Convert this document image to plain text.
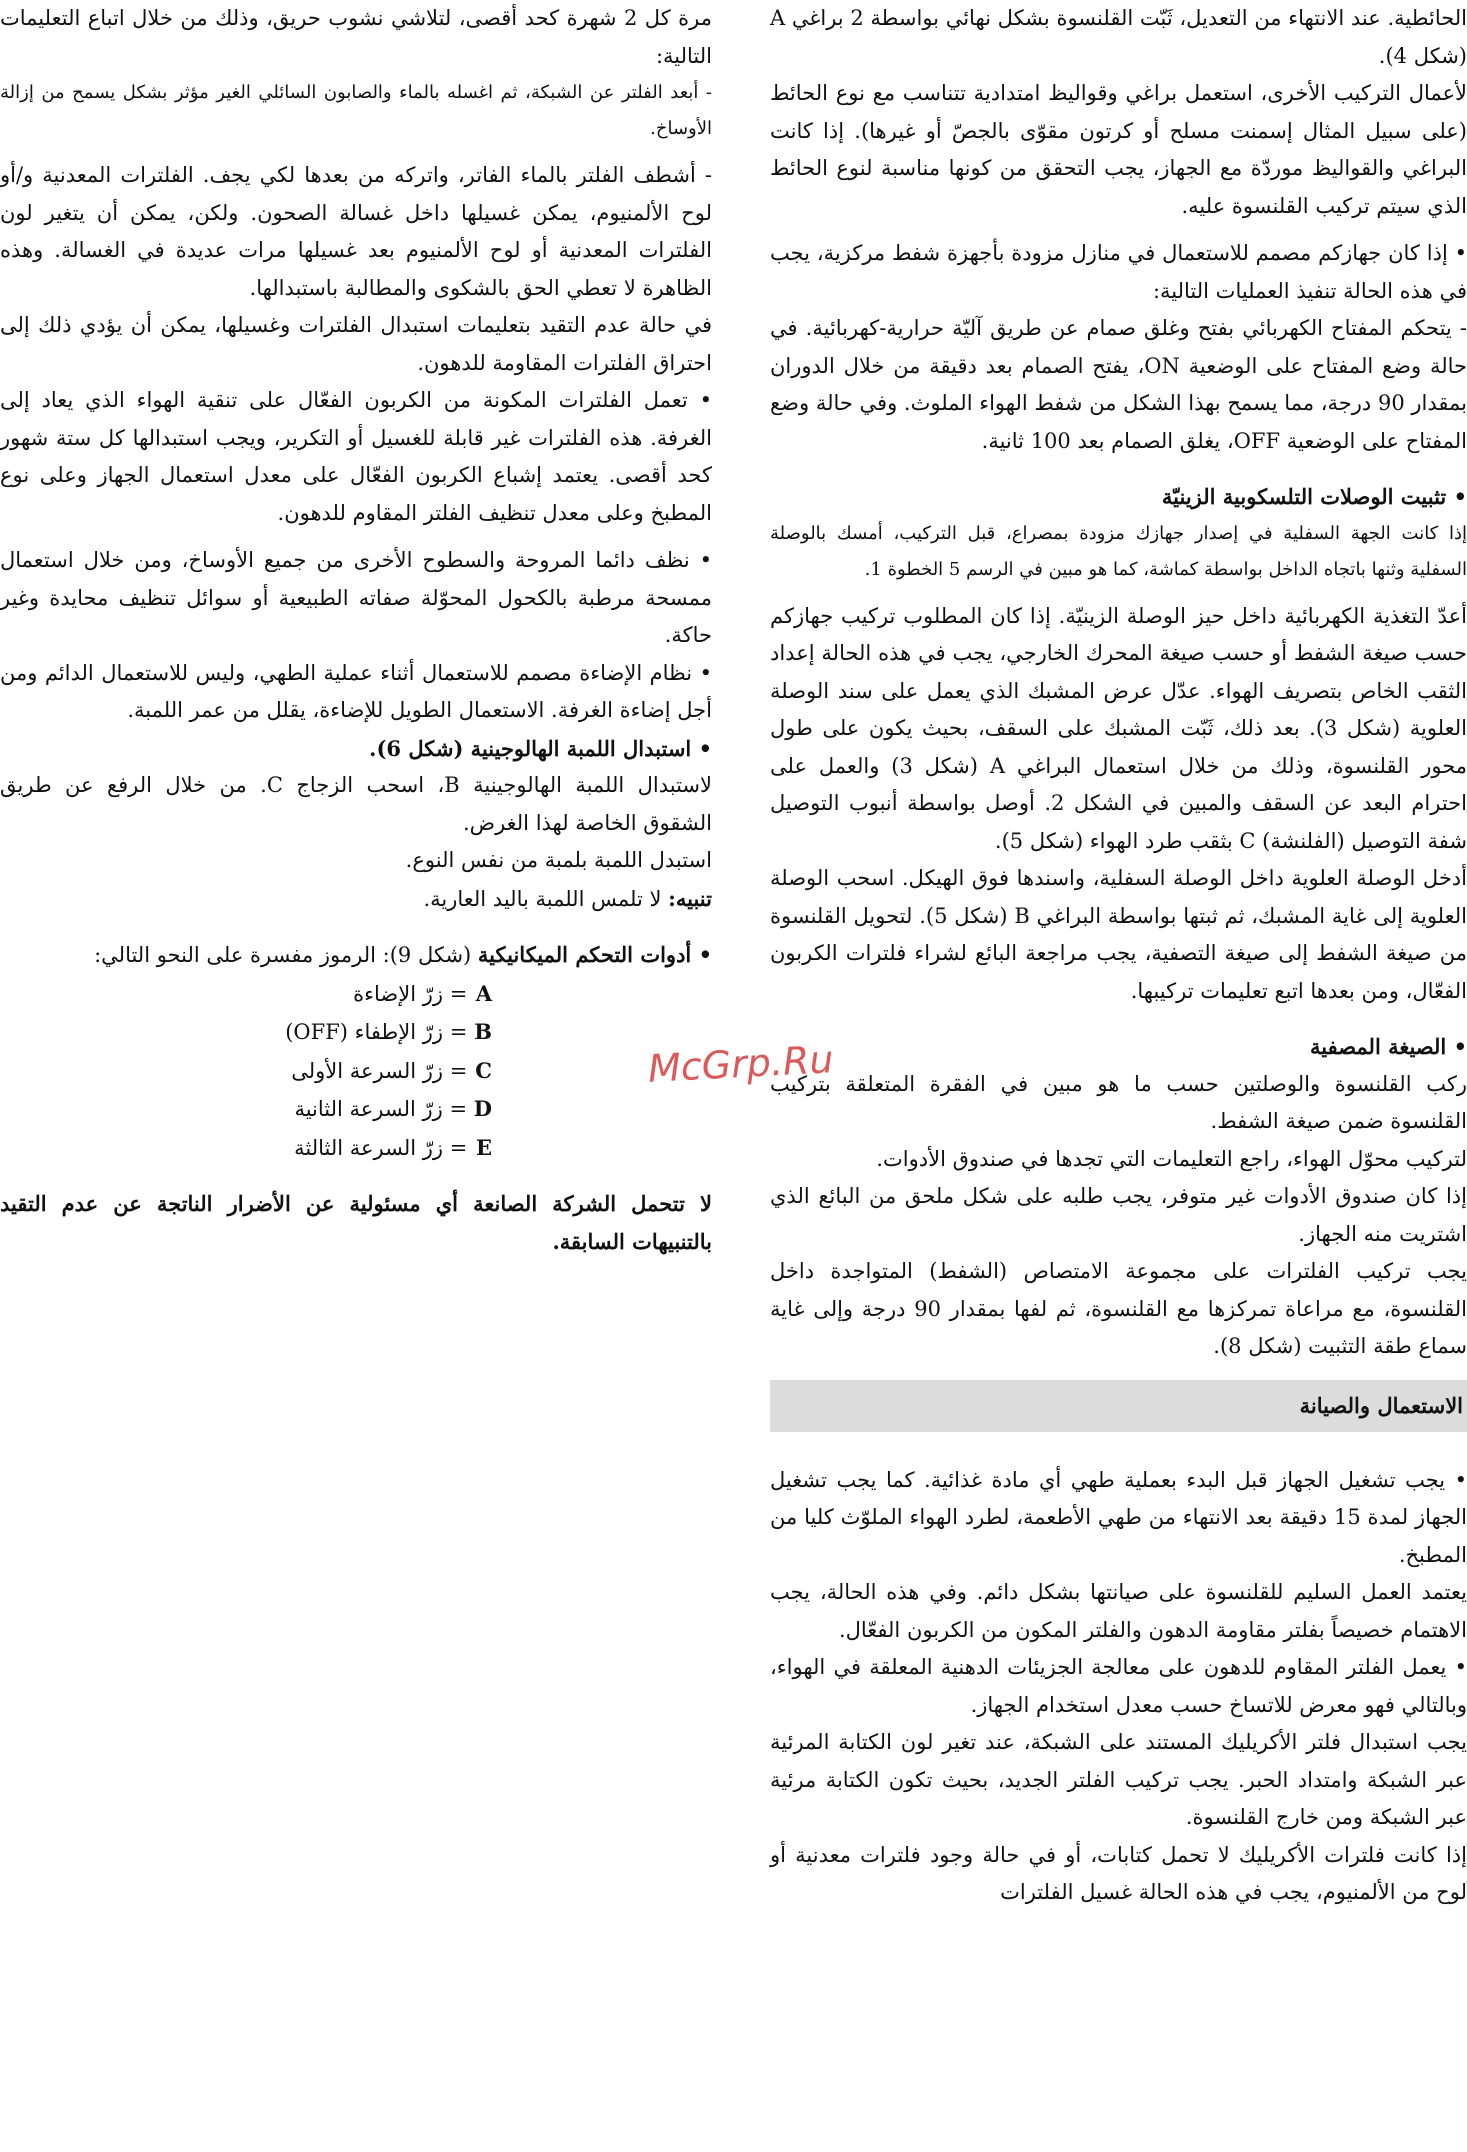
الحائطية. عند الانتهاء من التعديل، ثَبّت القلنسوة بشكل نهائي بواسطة 2 براغي A (شكل 4).

لأعمال التركيب الأخرى، استعمل براغي وقواليظ امتدادية تتناسب مع نوع الحائط (على سبيل المثال إسمنت مسلح أو كرتون مقوّى بالجصّ أو غيرها). إذا كانت البراغي والقواليظ موردّة مع الجهاز، يجب التحقق من كونها مناسبة لنوع الحائط الذي سيتم تركيب القلنسوة عليه.

• إذا كان جهازكم مصمم للاستعمال في منازل مزودة بأجهزة شفط مركزية، يجب في هذه الحالة تنفيذ العمليات التالية:

- يتحكم المفتاح الكهربائي بفتح وغلق صمام عن طريق آليّة حرارية-كهربائية. في حالة وضع المفتاح على الوضعية ON، يفتح الصمام بعد دقيقة من خلال الدوران بمقدار 90 درجة، مما يسمح بهذا الشكل من شفط الهواء الملوث. وفي حالة وضع المفتاح على الوضعية OFF، يغلق الصمام بعد 100 ثانية.

• تثبيت الوصلات التلسكوبية الزينيّة

إذا كانت الجهة السفلية في إصدار جهازك مزودة بمصراع، قبل التركيب، أمسك بالوصلة السفلية وثنها باتجاه الداخل بواسطة كماشة، كما هو مبين في الرسم 5 الخطوة 1.

أعدّ التغذية الكهربائية داخل حيز الوصلة الزينيّة. إذا كان المطلوب تركيب جهازكم حسب صيغة الشفط أو حسب صيغة المحرك الخارجي، يجب في هذه الحالة إعداد الثقب الخاص بتصريف الهواء. عدّل عرض المشبك الذي يعمل على سند الوصلة العلوية (شكل 3). بعد ذلك، ثَبّت المشبك على السقف، بحيث يكون على طول محور القلنسوة، وذلك من خلال استعمال البراغي A (شكل 3) والعمل على احترام البعد عن السقف والمبين في الشكل 2. أوصل بواسطة أنبوب التوصيل شفة التوصيل (الفلنشة) C بثقب طرد الهواء (شكل 5).

أدخل الوصلة العلوية داخل الوصلة السفلية، واسندها فوق الهيكل. اسحب الوصلة العلوية إلى غاية المشبك، ثم ثبتها بواسطة البراغي B (شكل 5). لتحويل القلنسوة من صيغة الشفط إلى صيغة التصفية، يجب مراجعة البائع لشراء فلترات الكربون الفعّال، ومن بعدها اتبع تعليمات تركيبها.

• الصيغة المصفية

ركب القلنسوة والوصلتين حسب ما هو مبين في الفقرة المتعلقة بتركيب القلنسوة ضمن صيغة الشفط.

لتركيب محوّل الهواء، راجع التعليمات التي تجدها في صندوق الأدوات.

إذا كان صندوق الأدوات غير متوفر، يجب طلبه على شكل ملحق من البائع الذي اشتريت منه الجهاز.

يجب تركيب الفلترات على مجموعة الامتصاص (الشفط) المتواجدة داخل القلنسوة، مع مراعاة تمركزها مع القلنسوة، ثم لفها بمقدار 90 درجة وإلى غاية سماع طقة التثبيت (شكل 8).

الاستعمال والصيانة

• يجب تشغيل الجهاز قبل البدء بعملية طهي أي مادة غذائية. كما يجب تشغيل الجهاز لمدة 15 دقيقة بعد الانتهاء من طهي الأطعمة، لطرد الهواء الملوّث كليا من المطبخ.

يعتمد العمل السليم للقلنسوة على صيانتها بشكل دائم. وفي هذه الحالة، يجب الاهتمام خصيصاً بفلتر مقاومة الدهون والفلتر المكون من الكربون الفعّال.

• يعمل الفلتر المقاوم للدهون على معالجة الجزيئات الدهنية المعلقة في الهواء، وبالتالي فهو معرض للاتساخ حسب معدل استخدام الجهاز.

يجب استبدال فلتر الأكريليك المستند على الشبكة، عند تغير لون الكتابة المرئية عبر الشبكة وامتداد الحبر. يجب تركيب الفلتر الجديد، بحيث تكون الكتابة مرئية عبر الشبكة ومن خارج القلنسوة.

إذا كانت فلترات الأكريليك لا تحمل كتابات، أو في حالة وجود فلترات معدنية أو لوح من الألمنيوم، يجب في هذه الحالة غسيل الفلترات

مرة كل 2 شهرة كحد أقصى، لتلاشي نشوب حريق، وذلك من خلال اتباع التعليمات التالية:

- أبعد الفلتر عن الشبكة، ثم اغسله بالماء والصابون السائلي الغير مؤثر بشكل يسمح من إزالة الأوساخ.

- أشطف الفلتر بالماء الفاتر، واتركه من بعدها لكي يجف. الفلترات المعدنية و/أو لوح الألمنيوم، يمكن غسيلها داخل غسالة الصحون. ولكن، يمكن أن يتغير لون الفلترات المعدنية أو لوح الألمنيوم بعد غسيلها مرات عديدة في الغسالة. وهذه الظاهرة لا تعطي الحق بالشكوى والمطالبة باستبدالها.

في حالة عدم التقيد بتعليمات استبدال الفلترات وغسيلها، يمكن أن يؤدي ذلك إلى احتراق الفلترات المقاومة للدهون.

• تعمل الفلترات المكونة من الكربون الفعّال على تنقية الهواء الذي يعاد إلى الغرفة. هذه الفلترات غير قابلة للغسيل أو التكرير، ويجب استبدالها كل ستة شهور كحد أقصى. يعتمد إشباع الكربون الفعّال على معدل استعمال الجهاز وعلى نوع المطبخ وعلى معدل تنظيف الفلتر المقاوم للدهون.

• نظف دائما المروحة والسطوح الأخرى من جميع الأوساخ، ومن خلال استعمال ممسحة مرطبة بالكحول المحوّلة صفاته الطبيعية أو سوائل تنظيف محايدة وغير حاكة.

• نظام الإضاءة مصمم للاستعمال أثناء عملية الطهي، وليس للاستعمال الدائم ومن أجل إضاءة الغرفة. الاستعمال الطويل للإضاءة، يقلل من عمر اللمبة.

• استبدال اللمبة الهالوجينية (شكل 6).

لاستبدال اللمبة الهالوجينية B، اسحب الزجاج C. من خلال الرفع عن طريق الشقوق الخاصة لهذا الغرض.

استبدل اللمبة بلمبة من نفس النوع.

تنبيه: لا تلمس اللمبة باليد العارية.

• أدوات التحكم الميكانيكية (شكل 9): الرموز مفسرة على النحو التالي:

A = زرّ الإضاءة
B = زرّ الإطفاء (OFF)
C = زرّ السرعة الأولى
D = زرّ السرعة الثانية
E = زرّ السرعة الثالثة

لا تتحمل الشركة الصانعة أي مسئولية عن الأضرار الناتجة عن عدم التقيد بالتنبيهات السابقة.

McGrp.Ru
